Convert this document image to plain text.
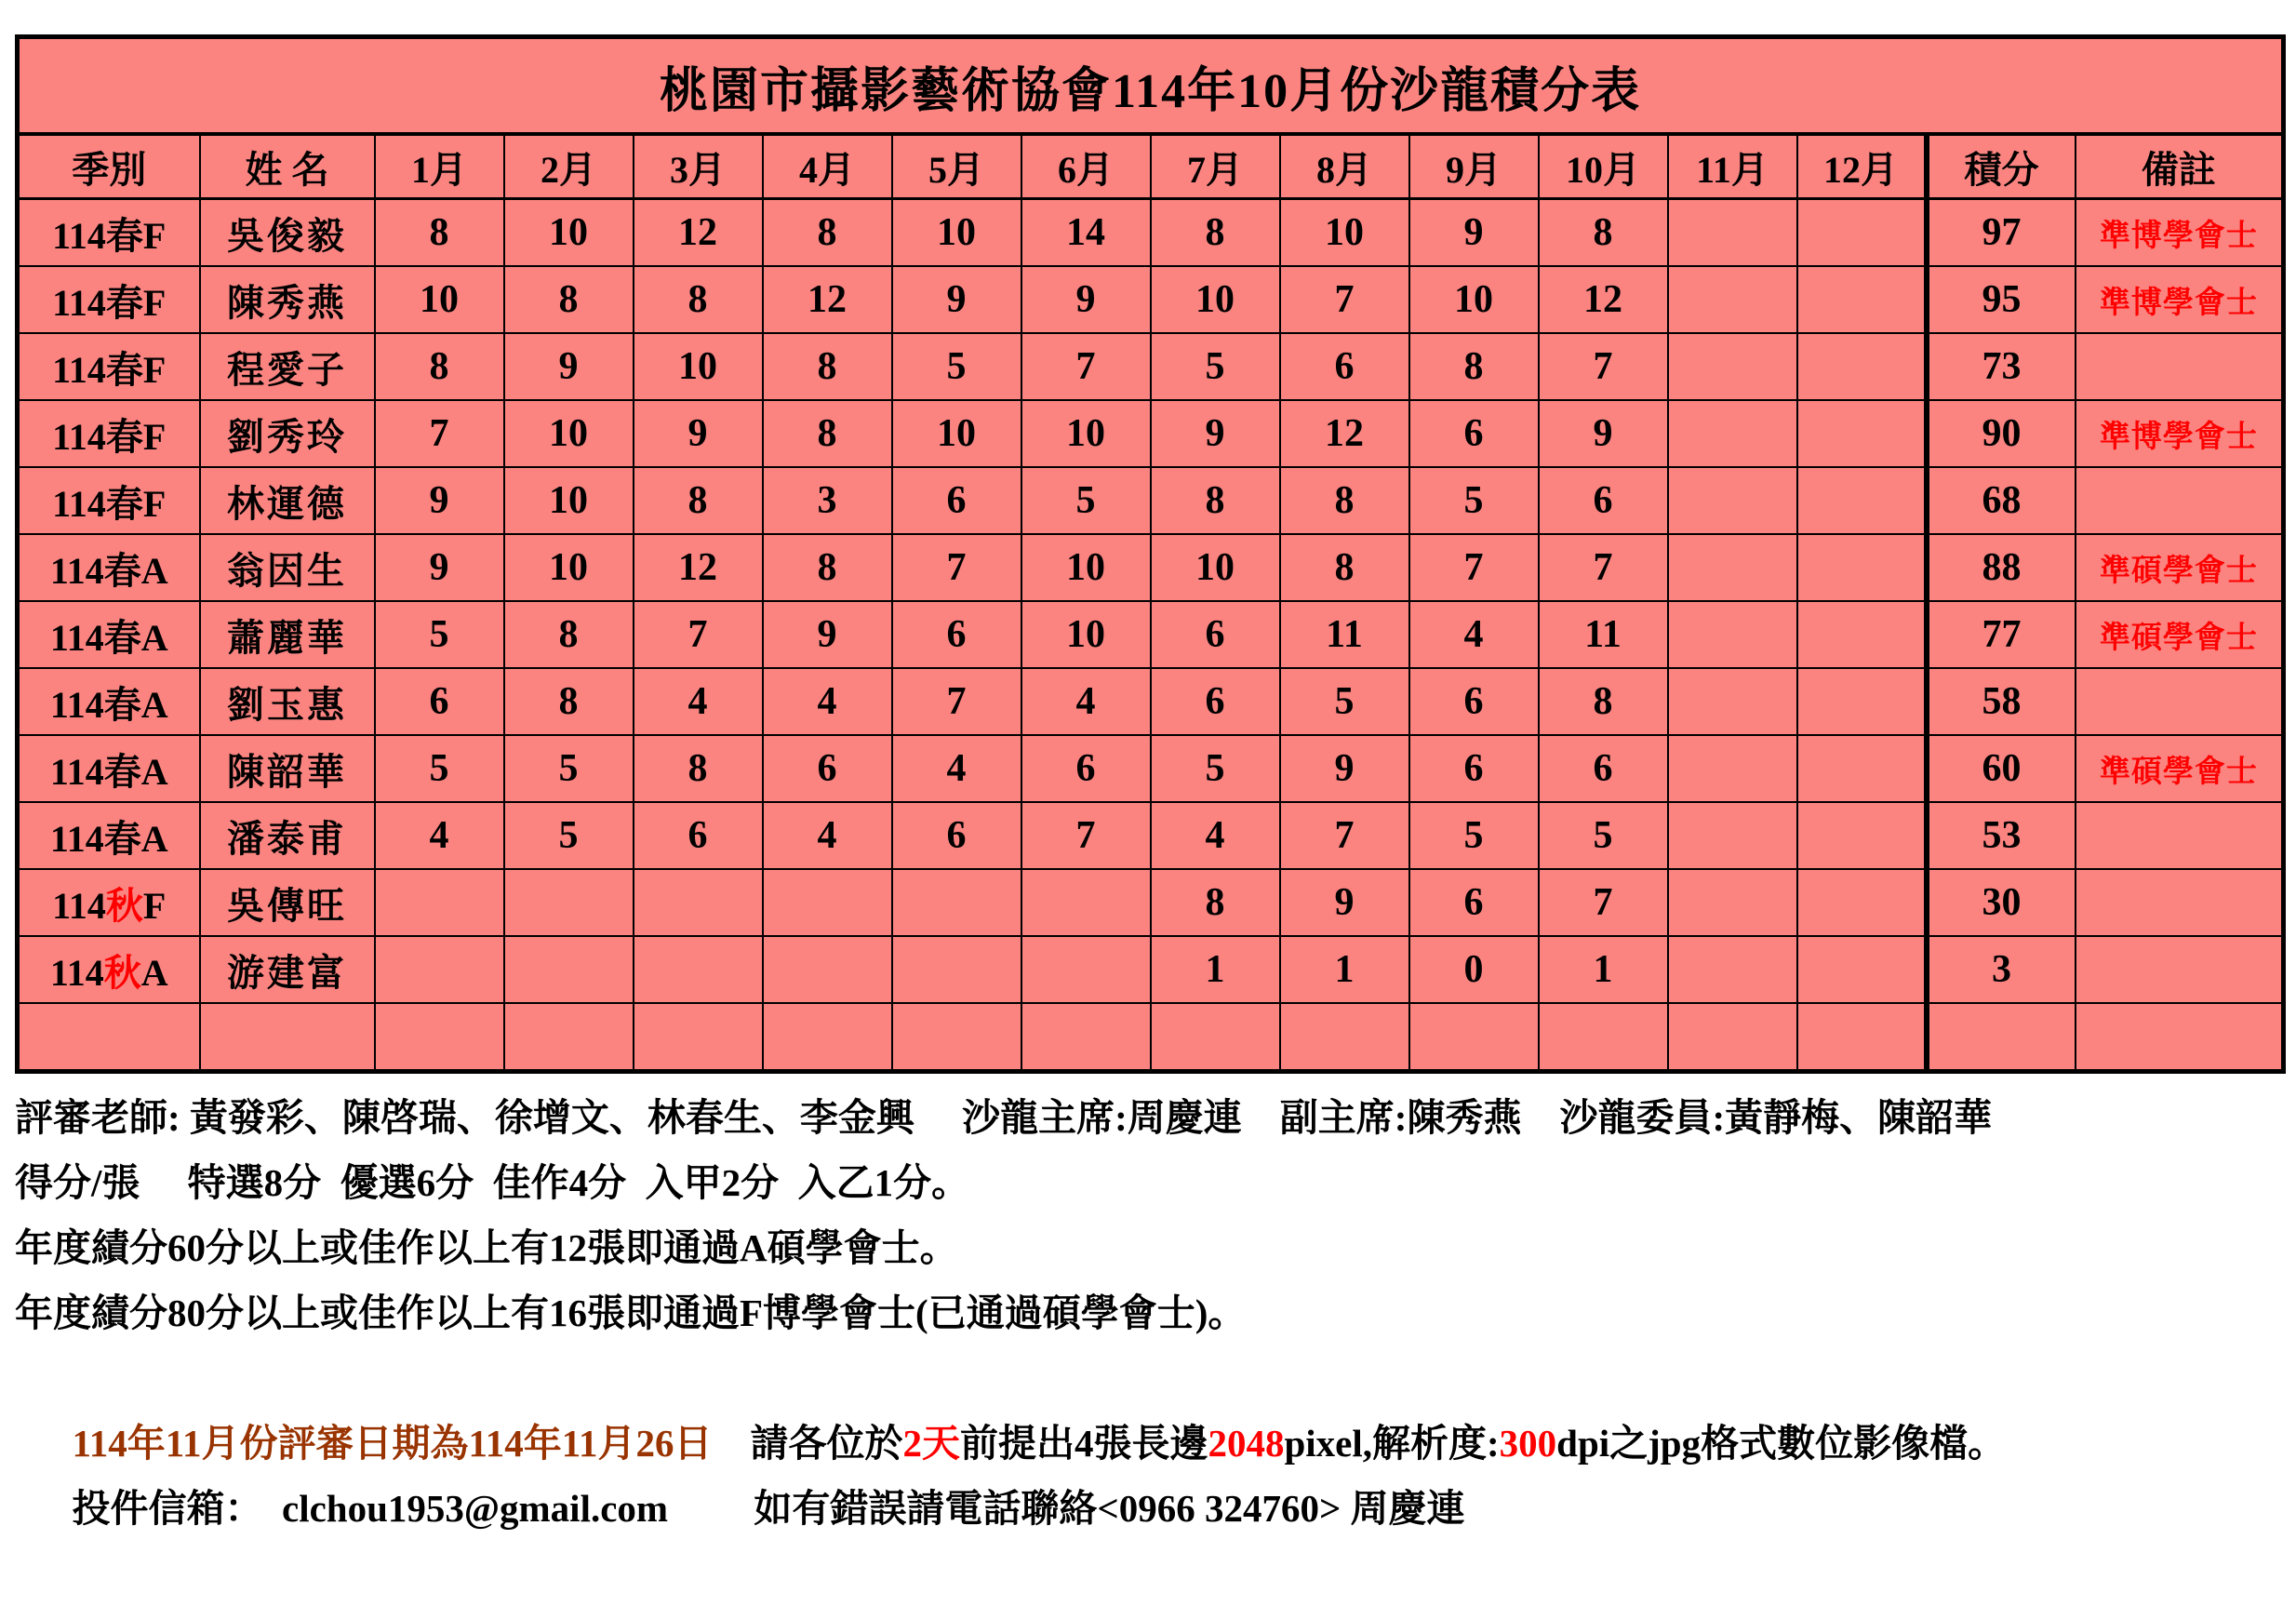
桃園市攝影藝術協會114年10月份沙龍積分表															
季別	姓 名	1月	2月	3月	4月	5月	6月	7月	8月	9月	10月	11月	12月	積分	備註
114春F	吳俊毅	8	10	12	8	10	14	8	10	9	8			97	準博學會士
114春F	陳秀燕	10	8	8	12	9	9	10	7	10	12			95	準博學會士
114春F	程愛子	8	9	10	8	5	7	5	6	8	7			73	
114春F	劉秀玲	7	10	9	8	10	10	9	12	6	9			90	準博學會士
114春F	林運德	9	10	8	3	6	5	8	8	5	6			68	
114春A	翁因生	9	10	12	8	7	10	10	8	7	7			88	準碩學會士
114春A	蕭麗華	5	8	7	9	6	10	6	11	4	11			77	準碩學會士
114春A	劉玉惠	6	8	4	4	7	4	6	5	6	8			58	
114春A	陳韶華	5	5	8	6	4	6	5	9	6	6			60	準碩學會士
114春A	潘泰甫	4	5	6	4	6	7	4	7	5	5			53	
114秋F	吳傳旺							8	9	6	7			30	
114秋A	游建富							1	1	0	1			3	

評審老師: 黃發彩、陳啓瑞、徐增文、林春生、李金興　 沙龍主席:周慶連　副主席:陳秀燕　沙龍委員:黃靜梅、陳韶華
得分/張　 特選8分  優選6分  佳作4分  入甲2分  入乙1分。
年度績分60分以上或佳作以上有12張即通過A碩學會士。
年度績分80分以上或佳作以上有16張即通過F博學會士(已通過碩學會士)。

114年11月份評審日期為114年11月26日　請各位於2天前提出4張長邊2048pixel,解析度:300dpi之jpg格式數位影像檔。

投件信箱：  clchou1953@gmail.com　　 如有錯誤請電話聯絡<0966 324760> 周慶連
